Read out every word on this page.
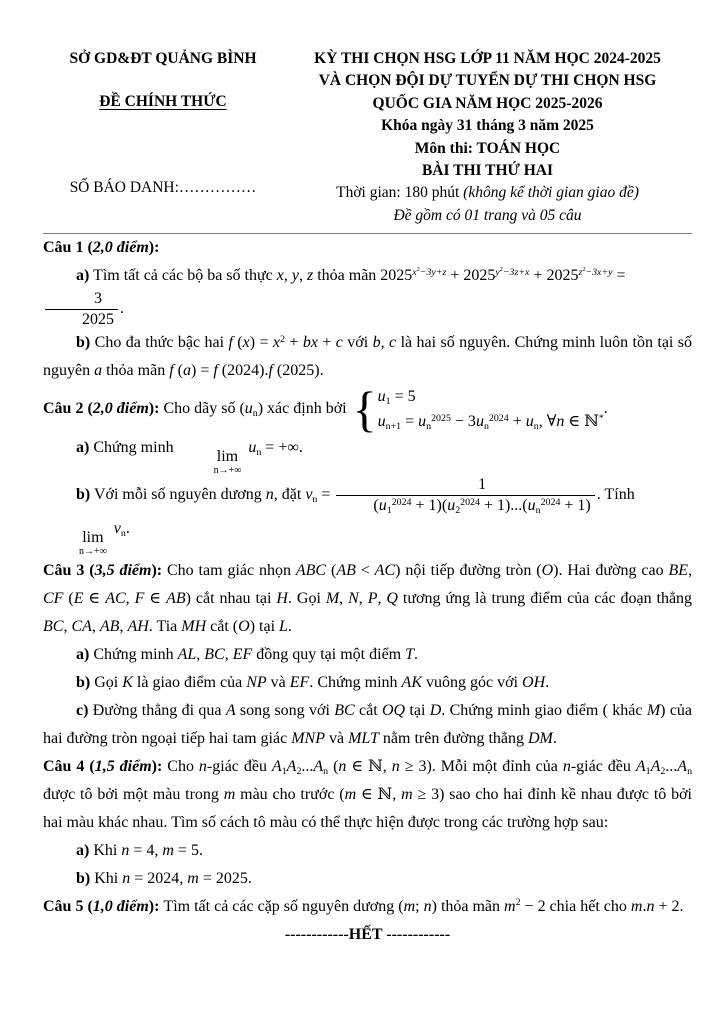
SỞ GD&ĐT QUẢNG BÌNH
ĐỀ CHÍNH THỨC
SỐ BÁO DANH:……………
KỲ THI CHỌN HSG LỚP 11 NĂM HỌC 2024-2025
VÀ CHỌN ĐỘI DỰ TUYỂN DỰ THI CHỌN HSG
QUỐC GIA NĂM HỌC 2025-2026
Khóa ngày 31 tháng 3 năm 2025
Môn thi: TOÁN HỌC
BÀI THI THỨ HAI
Thời gian: 180 phút (không kể thời gian giao đề)
Đề gồm có 01 trang và 05 câu

Câu 1 (2,0 điểm):

a) Tìm tất cả các bộ ba số thực x, y, z thỏa mãn $2025^{x^2-3y+z} + 2025^{y^2-3z+x} + 2025^{z^2-3x+y}$ =
$\frac{3}{2025}$ .

b) Cho đa thức bậc hai f $(x) = x^2$ + bx + c với b, c là hai số nguyên. Chứng minh luôn tồn tại số nguyên a thỏa mãn f (a) = f (2024).f (2025).

Câu 2 (2,0 điểm): Cho dãy số $(u_n)$ xác định bởi { $u_1 = 5$
$u_{n+1} = u_n^{2025} - 3u_n^{2024} + u_n$, ∀n ∈ ℕ*
.

a) Chứng minh
lim
n→+∞
$u_n$ = +∞.

b) Với mỗi số nguyên dương n, đặt $v_n = \frac{1}{(u_1^{2024} + 1)(u_2^{2024} + 1)...(u_n^{2024} + 1)}$ . Tính
lim
n→+∞
$v_n$.

Câu 3 (3,5 điểm): Cho tam giác nhọn ABC (AB < AC) nội tiếp đường tròn (O). Hai đường cao BE, CF (E ∈ AC, F ∈ AB) cắt nhau tại H. Gọi M, N, P, Q tương ứng là trung điểm của các đoạn thẳng BC, CA, AB, AH. Tia MH cắt (O) tại L.

a) Chứng minh AL, BC, EF đồng quy tại một điểm T.

b) Gọi K là giao điểm của NP và EF. Chứng minh AK vuông góc với OH.

c) Đường thẳng đi qua A song song với BC cắt OQ tại D. Chứng minh giao điểm ( khác M) của hai đường tròn ngoại tiếp hai tam giác MNP và MLT nằm trên đường thẳng DM.

Câu 4 (1,5 điểm): Cho n-giác đều $A_1A_2...A_n$ (n ∈ ℕ, n ≥ 3). Mỗi một đỉnh của n-giác đều $A_1A_2...A_n$ được tô bởi một màu trong m màu cho trước (m ∈ ℕ, m ≥ 3) sao cho hai đỉnh kề nhau được tô bởi hai màu khác nhau. Tìm số cách tô màu có thể thực hiện được trong các trường hợp sau:

a) Khi n = 4, m = 5.

b) Khi n = 2024, m = 2025.

Câu 5 (1,0 điểm): Tìm tất cả các cặp số nguyên dương (m; n) thỏa mãn $m^2 - 2$ chia hết cho m.n + 2.

------------HẾT ------------
